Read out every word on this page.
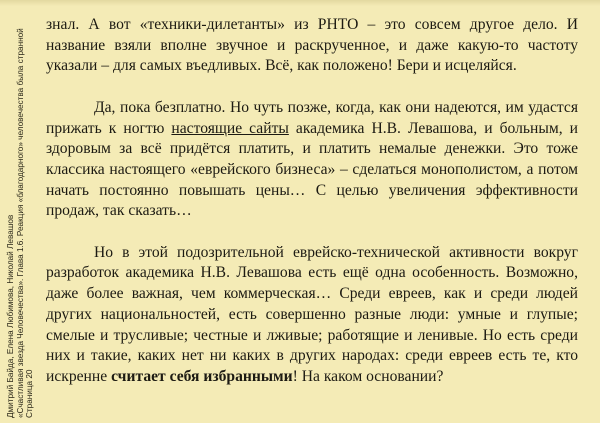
Дмитрий Байда, Елена Любимова, Николай Левашов «Счастливая звезда Человечества». Глава 1.6. Реакция «благодарного» человечества была странной Страница 20

знал. А вот «техники-дилетанты» из РНТО – это совсем другое дело. И название взяли вполне звучное и раскрученное, и даже какую-то частоту указали – для самых въедливых. Всё, как положено! Бери и исцеляйся.

Да, пока безплатно. Но чуть позже, когда, как они надеются, им удастся прижать к ногтю настоящие сайты академика Н.В. Левашова, и больным, и здоровым за всё придётся платить, и платить немалые денежки. Это тоже классика настоящего «еврейского бизнеса» – сделаться монополистом, а потом начать постоянно повышать цены… С целью увеличения эффективности продаж, так сказать…

Но в этой подозрительной еврейско-технической активности вокруг разработок академика Н.В. Левашова есть ещё одна особенность. Возможно, даже более важная, чем коммерческая… Среди евреев, как и среди людей других национальностей, есть совершенно разные люди: умные и глупые; смелые и трусливые; честные и лживые; работящие и ленивые. Но есть среди них и такие, каких нет ни каких в других народах: среди евреев есть те, кто искренне считает себя избранными! На каком основании?
